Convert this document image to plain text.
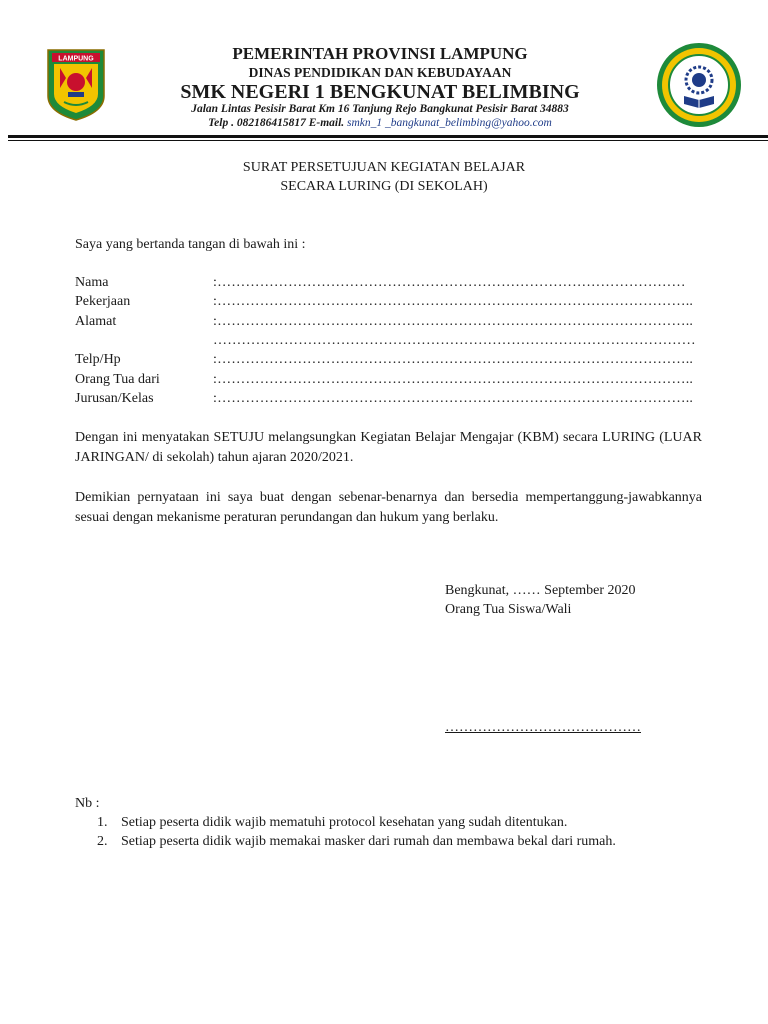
LAMPUNG	PEMERINTAH PROVINSI LAMPUNG
DINAS PENDIDIKAN DAN KEBUDAYAAN
SMK NEGERI 1 BENGKUNAT BELIMBING
Jalan Lintas Pesisir Barat Km 16 Tanjung Rejo Bangkunat Pesisir Barat 34883
Telp . 082186415817 E-mail. smkn_1 _bangkunat_belimbing@yahoo.com
SURAT PERSETUJUAN KEGIATAN BELAJAR
SECARA LURING (DI SEKOLAH)
Saya yang bertanda tangan di bawah ini :
Nama	:………………………………………………………………………………………
Pekerjaan	:………………………………………………………………………………………..
Alamat	:………………………………………………………………………………………..
…………………………………………………………………………………………
Telp/Hp	:………………………………………………………………………………………..
Orang Tua dari	:………………………………………………………………………………………..
Jurusan/Kelas	:………………………………………………………………………………………..
Dengan ini menyatakan SETUJU melangsungkan Kegiatan Belajar Mengajar (KBM) secara LURING (LUAR JARINGAN/ di sekolah) tahun ajaran 2020/2021.
Demikian pernyataan ini saya buat dengan sebenar-benarnya dan bersedia mempertanggung-jawabkannya sesuai dengan mekanisme peraturan perundangan dan hukum yang berlaku.
Bengkunat, …… September 2020
Orang Tua Siswa/Wali
……………………………………
Nb :
1. Setiap peserta didik wajib mematuhi protocol kesehatan yang sudah ditentukan.
2. Setiap peserta didik wajib memakai masker dari rumah dan membawa bekal dari rumah.
